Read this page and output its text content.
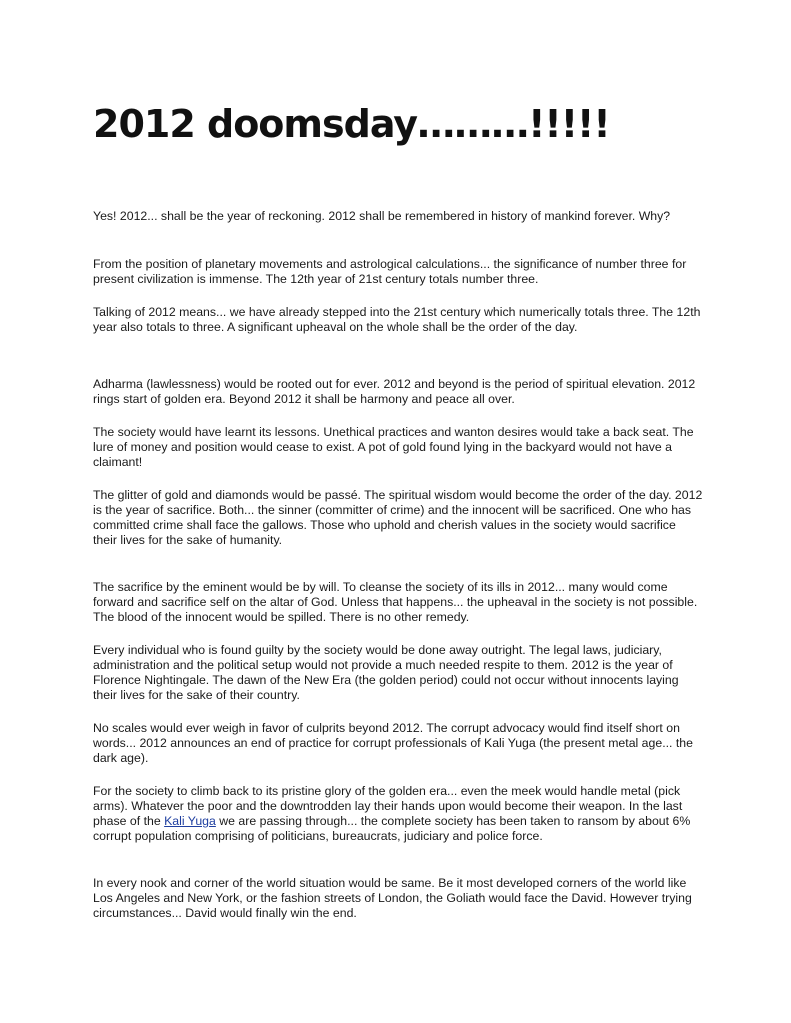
2012 doomsday………!!!!!

Yes! 2012... shall be the year of reckoning. 2012 shall be remembered in history of mankind forever. Why?

From the position of planetary movements and astrological calculations... the significance of number three for present civilization is immense. The 12th year of 21st century totals number three.

Talking of 2012 means... we have already stepped into the 21st century which numerically totals three. The 12th year also totals to three. A significant upheaval on the whole shall be the order of the day.

Adharma (lawlessness) would be rooted out for ever. 2012 and beyond is the period of spiritual elevation. 2012 rings start of golden era. Beyond 2012 it shall be harmony and peace all over.

The society would have learnt its lessons. Unethical practices and wanton desires would take a back seat. The lure of money and position would cease to exist. A pot of gold found lying in the backyard would not have a claimant!

The glitter of gold and diamonds would be passé. The spiritual wisdom would become the order of the day. 2012 is the year of sacrifice. Both... the sinner (committer of crime) and the innocent will be sacrificed. One who has committed crime shall face the gallows. Those who uphold and cherish values in the society would sacrifice their lives for the sake of humanity.

The sacrifice by the eminent would be by will. To cleanse the society of its ills in 2012... many would come forward and sacrifice self on the altar of God. Unless that happens... the upheaval in the society is not possible. The blood of the innocent would be spilled. There is no other remedy.

Every individual who is found guilty by the society would be done away outright. The legal laws, judiciary, administration and the political setup would not provide a much needed respite to them. 2012 is the year of Florence Nightingale. The dawn of the New Era (the golden period) could not occur without innocents laying their lives for the sake of their country.

No scales would ever weigh in favor of culprits beyond 2012. The corrupt advocacy would find itself short on words... 2012 announces an end of practice for corrupt professionals of Kali Yuga (the present metal age... the dark age).

For the society to climb back to its pristine glory of the golden era... even the meek would handle metal (pick arms). Whatever the poor and the downtrodden lay their hands upon would become their weapon. In the last phase of the Kali Yuga we are passing through... the complete society has been taken to ransom by about 6% corrupt population comprising of politicians, bureaucrats, judiciary and police force.

In every nook and corner of the world situation would be same. Be it most developed corners of the world like Los Angeles and New York, or the fashion streets of London, the Goliath would face the David. However trying circumstances... David would finally win the end.
